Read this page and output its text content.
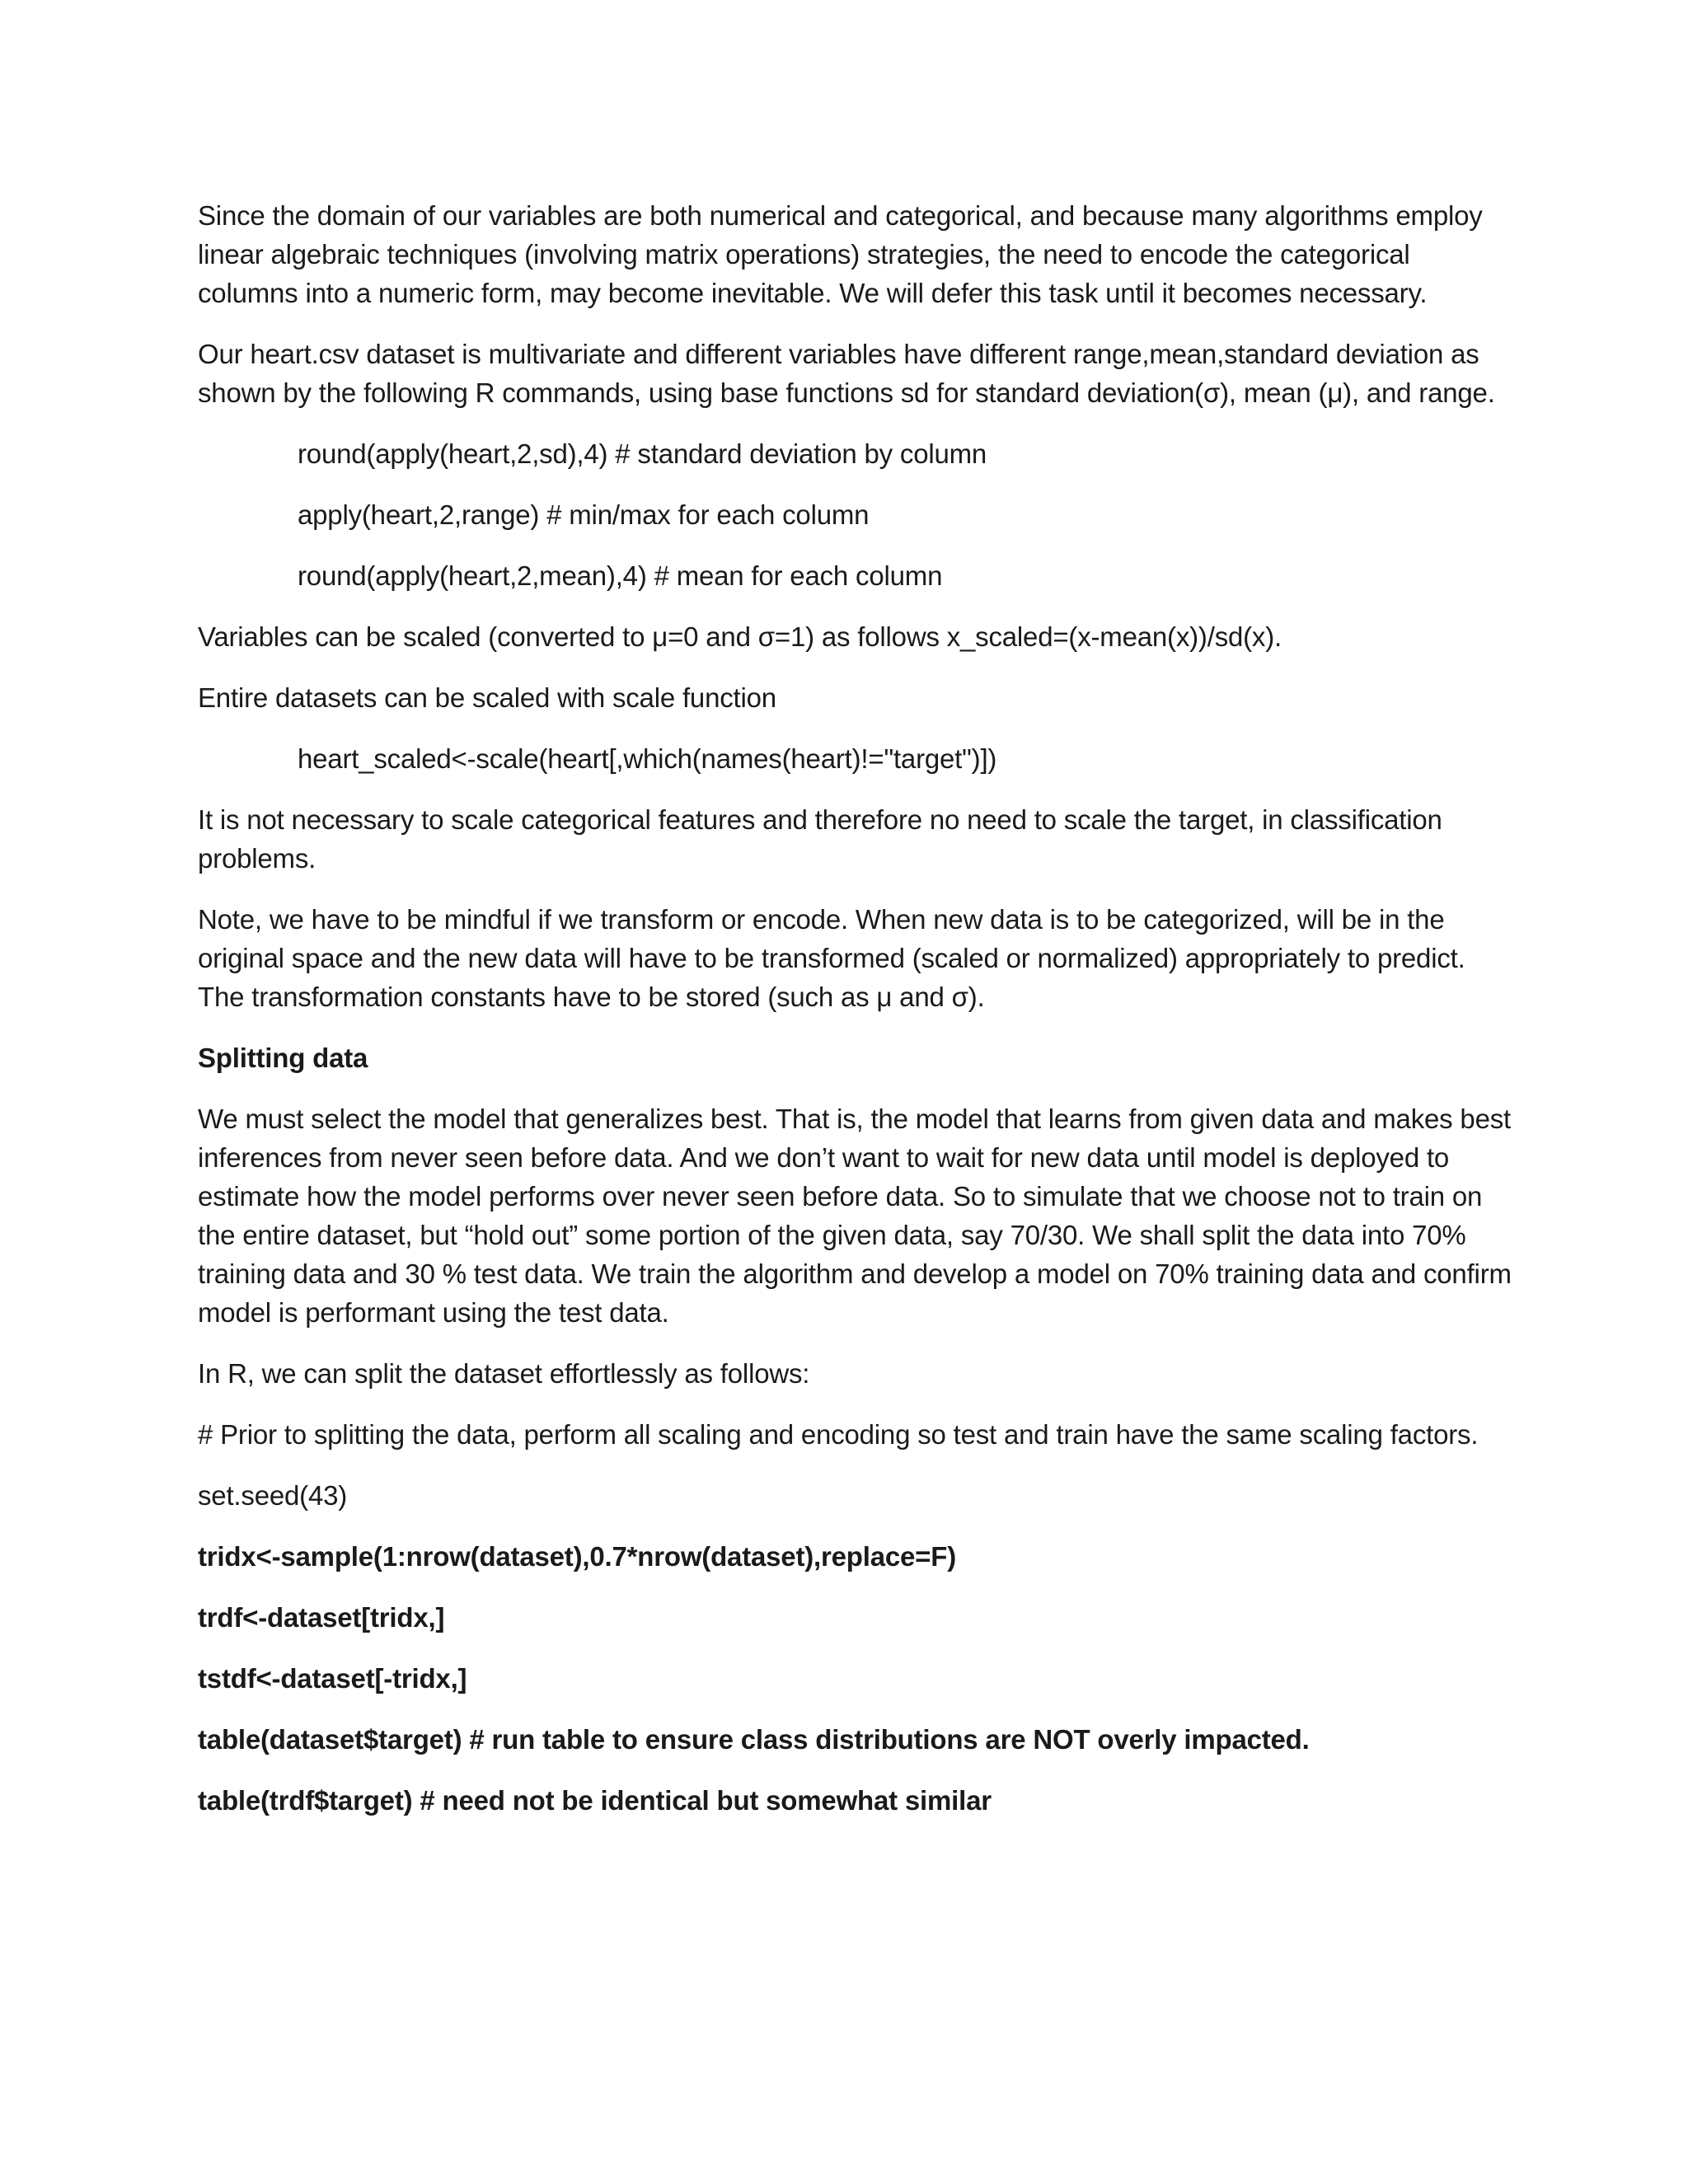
Since the domain of our variables are both numerical and categorical, and because many algorithms employ linear algebraic techniques (involving matrix operations) strategies, the need to encode the categorical columns into a numeric form, may become inevitable. We will defer this task until it becomes necessary.

Our heart.csv dataset is multivariate and different variables have different range,mean,standard deviation as shown by the following R commands, using base functions sd for standard deviation(σ), mean (μ), and range.

round(apply(heart,2,sd),4) # standard deviation by column

apply(heart,2,range) # min/max for each column

round(apply(heart,2,mean),4) # mean for each column

Variables can be scaled (converted to μ=0 and σ=1) as follows x_scaled=(x-mean(x))/sd(x).

Entire datasets can be scaled with scale function

heart_scaled<-scale(heart[,which(names(heart)!="target")])

It is not necessary to scale categorical features and therefore no need to scale the target, in classification problems.

Note, we have to be mindful if we transform or encode. When new data is to be categorized, will be in the original space and the new data will have to be transformed (scaled or normalized) appropriately to predict. The transformation constants have to be stored (such as μ and σ).

Splitting data

We must select the model that generalizes best. That is, the model that learns from given data and makes best inferences from never seen before data. And we don’t want to wait for new data until model is deployed to estimate how the model performs over never seen before data. So to simulate that we choose not to train on the entire dataset, but “hold out” some portion of the given data, say 70/30. We shall split the data into 70% training data and 30 % test data. We train the algorithm and develop a model on 70% training data and confirm model is performant using the test data.

In R, we can split the dataset effortlessly as follows:

# Prior to splitting the data, perform all scaling and encoding so test and train have the same scaling factors.

set.seed(43)

tridx<-sample(1:nrow(dataset),0.7*nrow(dataset),replace=F)

trdf<-dataset[tridx,]

tstdf<-dataset[-tridx,]

table(dataset$target) # run table to ensure class distributions are NOT overly impacted.

table(trdf$target) # need not be identical but somewhat similar
